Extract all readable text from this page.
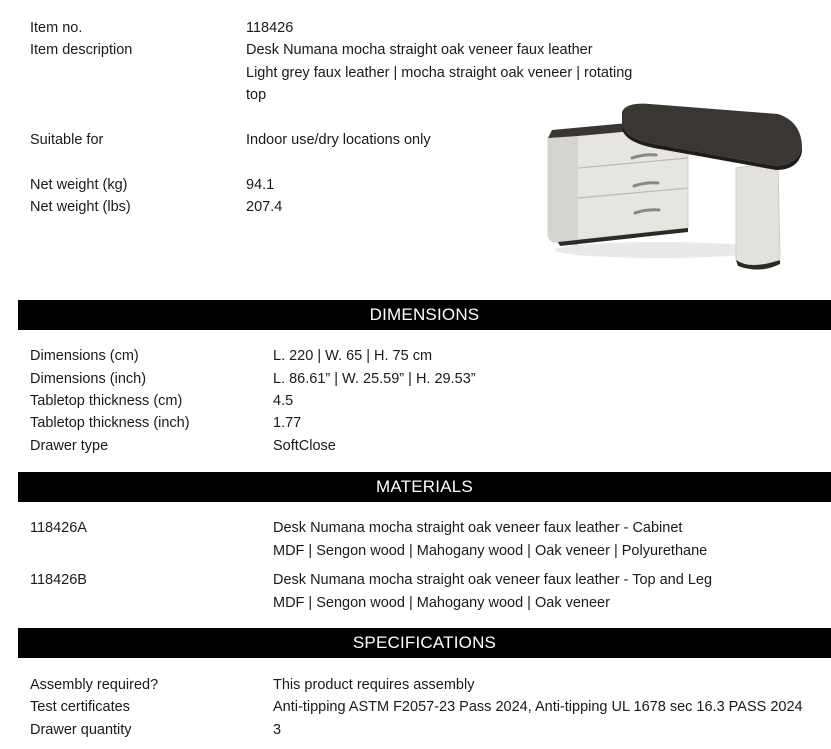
Item no.	118426
Item description	Desk Numana mocha straight oak veneer faux leather
Light grey faux leather | mocha straight oak veneer | rotating
top
Suitable for	Indoor use/dry locations only
Net weight (kg)	94.1
Net weight (lbs)	207.4
DIMENSIONS
Dimensions (cm)	L. 220 | W. 65 | H. 75 cm
Dimensions (inch)	L. 86.61” | W. 25.59” | H. 29.53”
Tabletop thickness (cm)	4.5
Tabletop thickness (inch)	1.77
Drawer type	SoftClose
MATERIALS
118426A	Desk Numana mocha straight oak veneer faux leather - Cabinet
MDF | Sengon wood | Mahogany wood | Oak veneer | Polyurethane
118426B	Desk Numana mocha straight oak veneer faux leather - Top and Leg
MDF | Sengon wood | Mahogany wood | Oak veneer
SPECIFICATIONS
Assembly required?	This product requires assembly
Test certificates	Anti-tipping ASTM F2057-23 Pass 2024, Anti-tipping UL 1678 sec 16.3 PASS 2024
Drawer quantity	3
